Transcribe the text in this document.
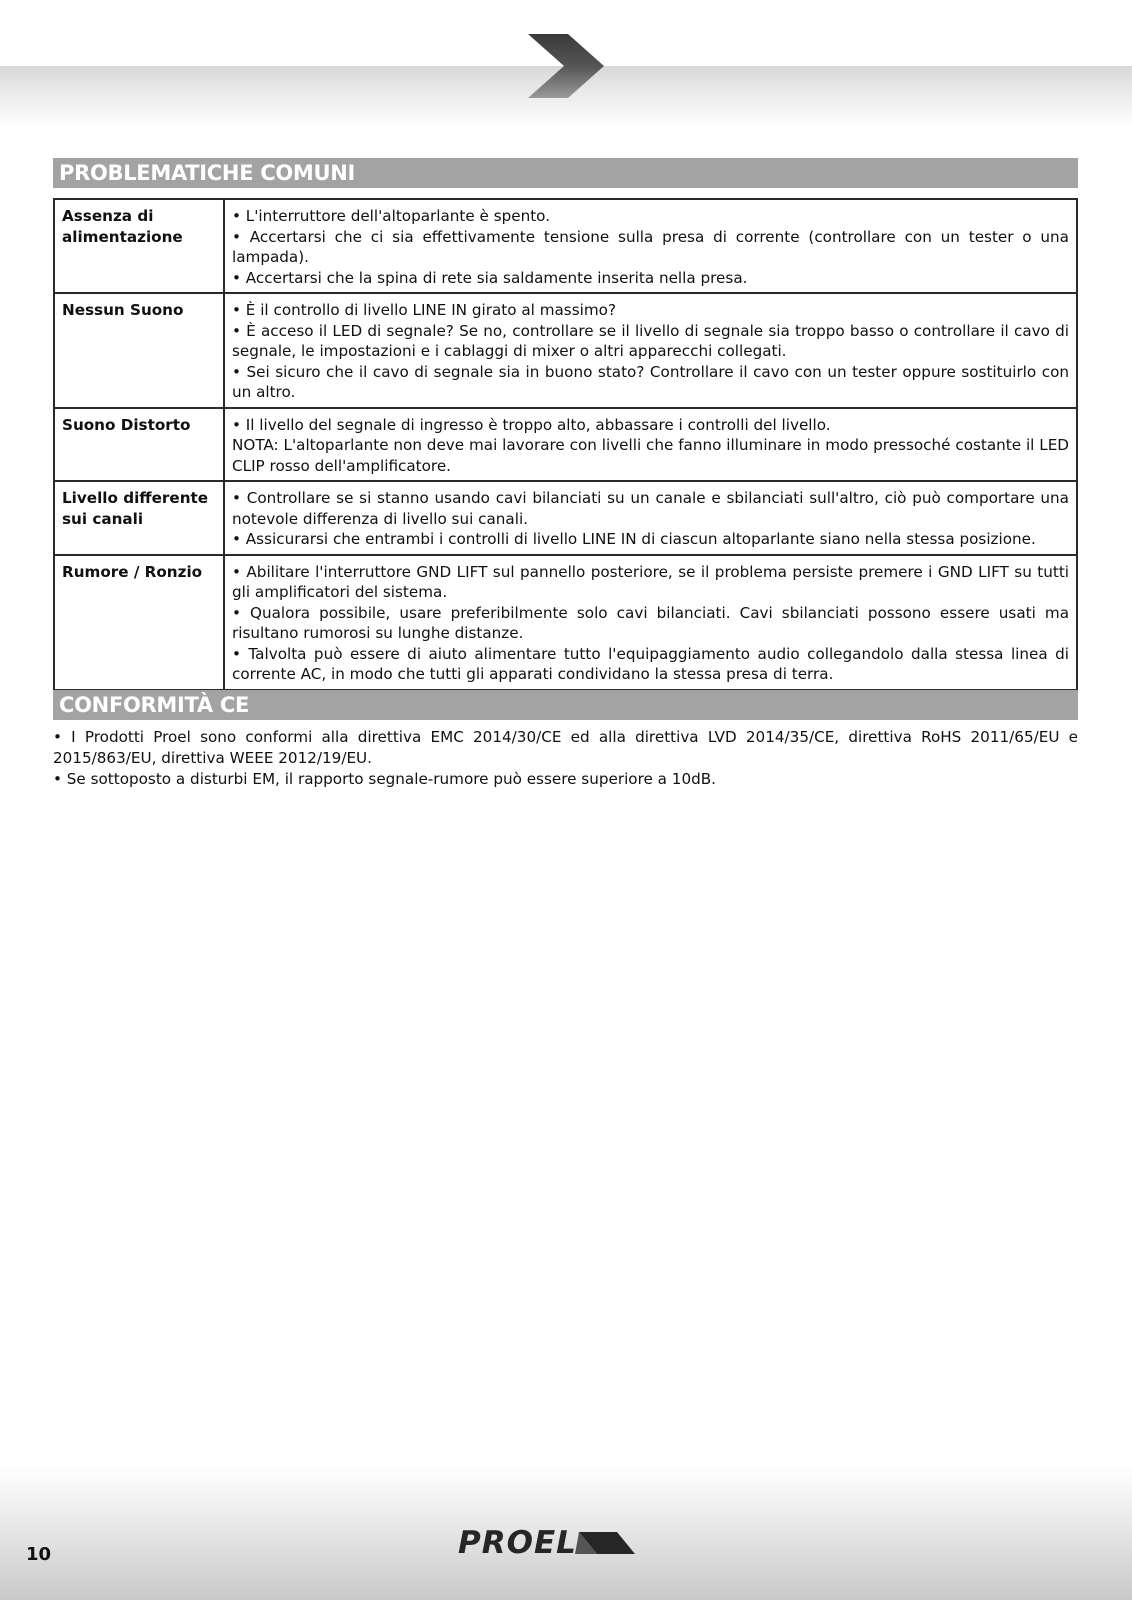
PROBLEMATICHE COMUNI
Assenza di alimentazione	• L'interruttore dell'altoparlante è spento.
• Accertarsi che ci sia effettivamente tensione sulla presa di corrente (controllare con un tester o una lampada).
• Accertarsi che la spina di rete sia saldamente inserita nella presa.

Nessun Suono	• È il controllo di livello LINE IN girato al massimo?
• È acceso il LED di segnale? Se no, controllare se il livello di segnale sia troppo basso o controllare il cavo di segnale, le impostazioni e i cablaggi di mixer o altri apparecchi collegati.
• Sei sicuro che il cavo di segnale sia in buono stato? Controllare il cavo con un tester oppure sostituirlo con un altro.

Suono Distorto	• Il livello del segnale di ingresso è troppo alto, abbassare i controlli del livello.
NOTA: L'altoparlante non deve mai lavorare con livelli che fanno illuminare in modo pressoché costante il LED CLIP rosso dell'amplificatore.

Livello differente sui canali	• Controllare se si stanno usando cavi bilanciati su un canale e sbilanciati sull'altro, ciò può comportare una notevole differenza di livello sui canali.
• Assicurarsi che entrambi i controlli di livello LINE IN di ciascun altoparlante siano nella stessa posizione.

Rumore / Ronzio	• Abilitare l'interruttore GND LIFT sul pannello posteriore, se il problema persiste premere i GND LIFT su tutti gli amplificatori del sistema.
• Qualora possibile, usare preferibilmente solo cavi bilanciati. Cavi sbilanciati possono essere usati ma risultano rumorosi su lunghe distanze.
• Talvolta può essere di aiuto alimentare tutto l'equipaggiamento audio collegandolo dalla stessa linea di corrente AC, in modo che tutti gli apparati condividano la stessa presa di terra.
CONFORMITÀ CE
• I Prodotti Proel sono conformi alla direttiva EMC 2014/30/CE ed alla direttiva LVD 2014/35/CE, direttiva RoHS 2011/65/EU e 2015/863/EU, direttiva WEEE 2012/19/EU.
• Se sottoposto a disturbi EM, il rapporto segnale-rumore può essere superiore a 10dB.
10	PROEL
